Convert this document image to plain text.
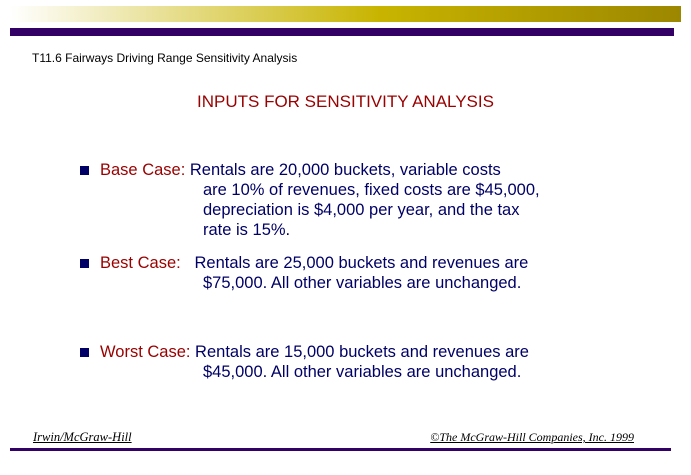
T11.6 Fairways Driving Range Sensitivity Analysis
INPUTS FOR SENSITIVITY ANALYSIS
Base Case: Rentals are 20,000 buckets, variable costs
are 10% of revenues, fixed costs are $45,000,
depreciation is $4,000 per year, and the tax
rate is 15%.
Best Case:   Rentals are 25,000 buckets and revenues are
$75,000. All other variables are unchanged.
Worst Case: Rentals are 15,000 buckets and revenues are
$45,000. All other variables are unchanged.
Irwin/McGraw-Hill	©The McGraw-Hill Companies, Inc. 1999
